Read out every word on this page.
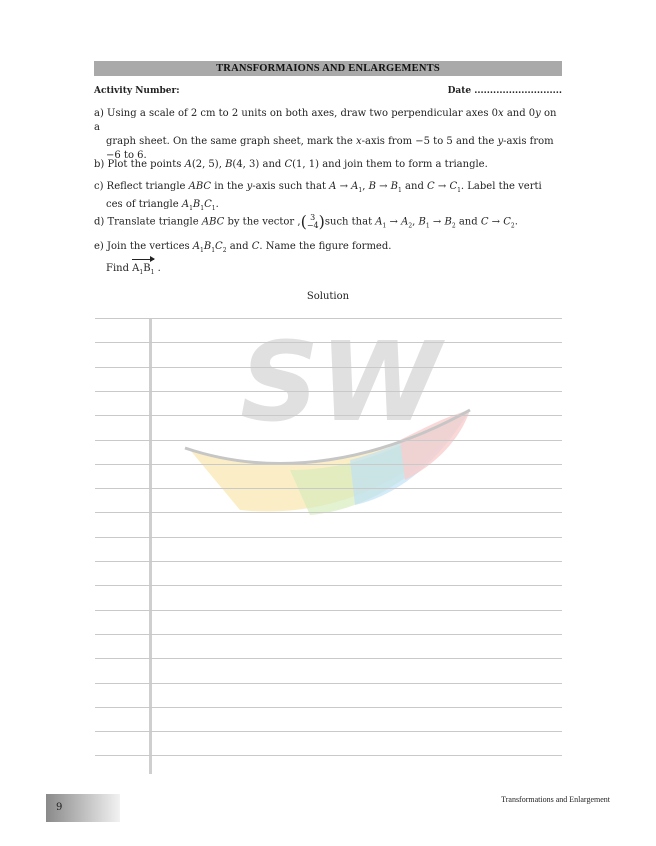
TRANSFORMAIONS AND ENLARGEMENTS
Activity Number:	Date ............................
a) Using a scale of 2 cm to 2 units on both axes, draw two perpendicular axes 0x and 0y on a
graph sheet. On the same graph sheet, mark the x-axis from −5 to 5 and the y-axis from
−6 to 6.
b) Plot the points A(2, 5), B(4, 3) and C(1, 1) and join them to form a triangle.
c) Reflect triangle ABC in the y-axis such that $A \to A_1$, $B \to B_1$ and $C \to C_1$. Label the verti
ces of triangle $A_1B_1C_1$.
d) Translate triangle ABC by the vector ,( 3
−4)such that $A_1 \to A_2$, $B_1 \to B_2$ and $C \to C_2$.
e) Join the vertices $A_1B_1C_2$ and C. Name the figure formed.
Find $A_1B_1$ .
Solution
SW
9
Transformations and Enlargement
